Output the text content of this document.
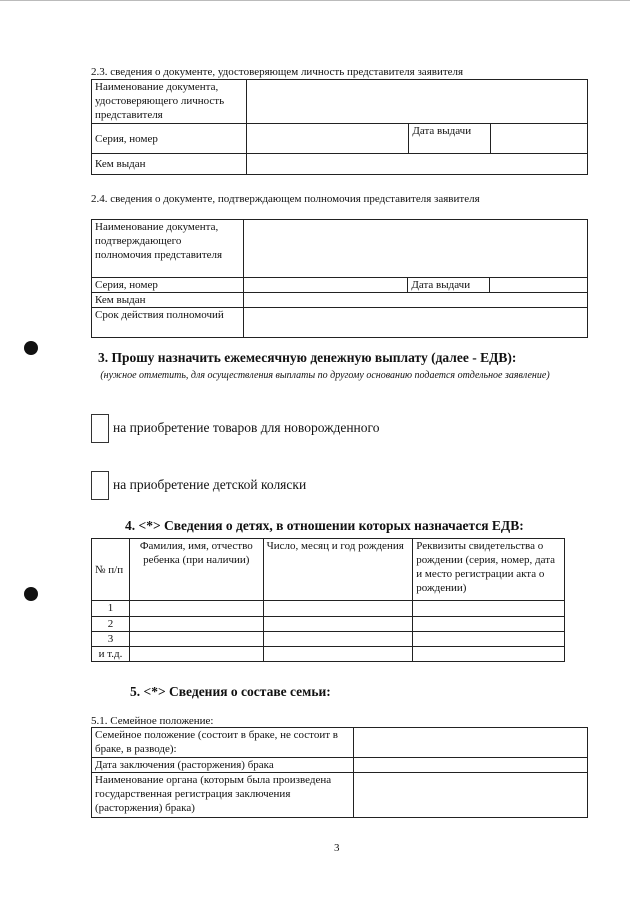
2.3. сведения о документе, удостоверяющем личность представителя заявителя
Наименование документа, удостоверяющего личность представителя			
Серия, номер		Дата выдачи	
Кем выдан			
2.4. сведения о документе, подтверждающем полномочия представителя заявителя
Наименование документа, подтверждающего полномочия представителя			
Серия, номер		Дата выдачи	
Кем выдан			
Срок действия полномочий			
3. Прошу назначить ежемесячную денежную выплату (далее - ЕДВ):
(нужное отметить, для осуществления выплаты по другому основанию подается отдельное заявление)
на приобретение товаров для новорожденного
на приобретение детской коляски
4. <*> Сведения о детях, в отношении которых назначается ЕДВ:
№ п/п	Фамилия, имя, отчество ребенка (при наличии)	Число, месяц и год рождения	Реквизиты свидетельства о рождении (серия, номер, дата и место регистрации акта о рождении)
1			
2			
3			
и т.д.			
5. <*> Сведения о составе семьи:
5.1. Семейное положение:
Семейное положение (состоит в браке, не состоит в браке, в разводе):	
Дата заключения (расторжения) брака	
Наименование органа (которым была произведена государственная регистрация заключения (расторжения) брака)	
3
